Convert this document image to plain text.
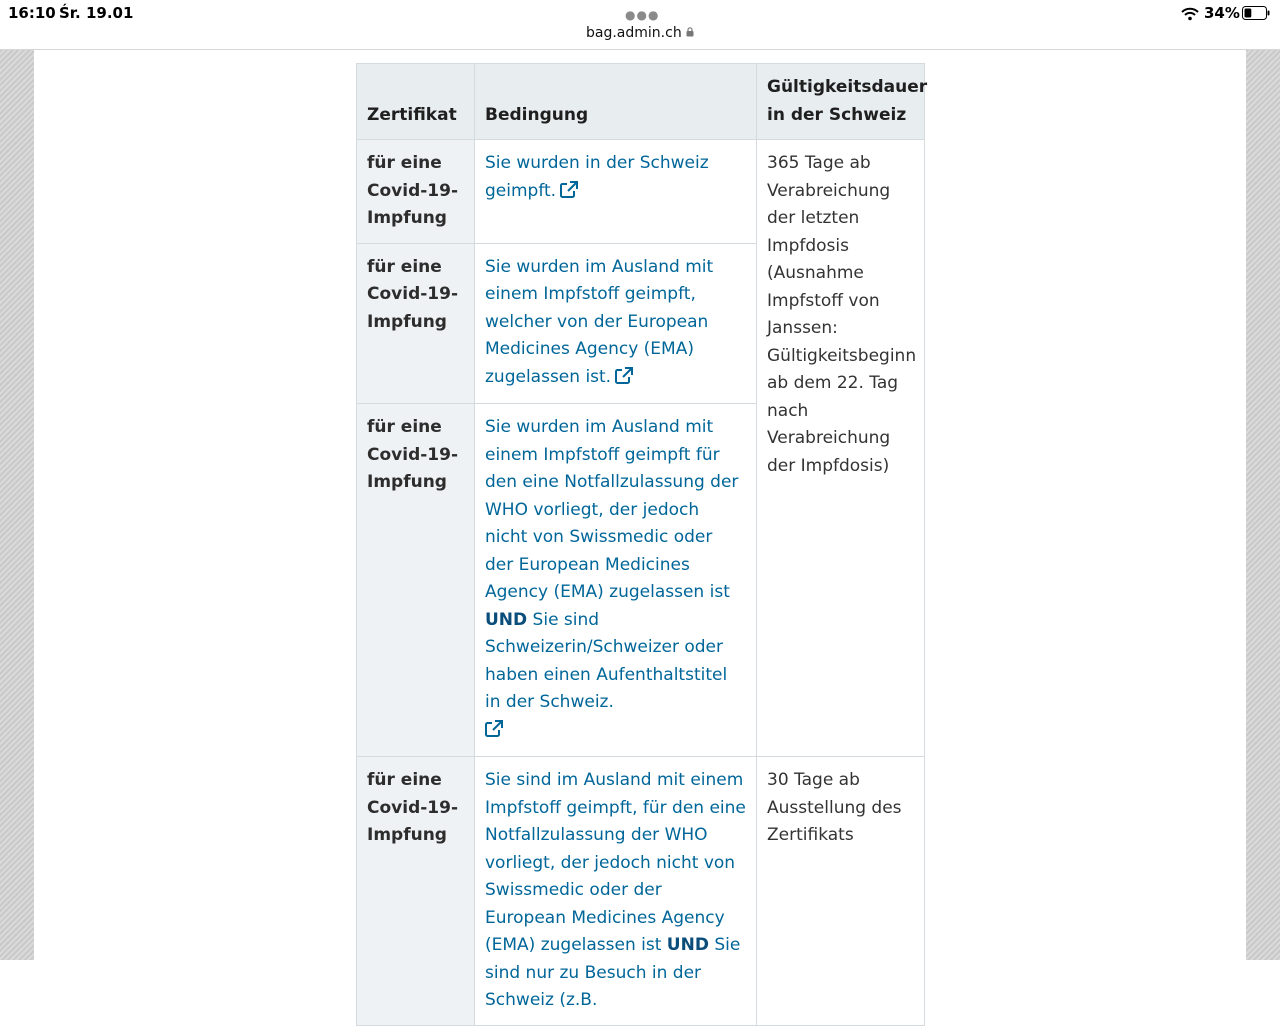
16:10 Śr. 19.01	●●●
bag.admin.ch
34%
Zertifikat	Bedingung	Gültigkeitsdauer in der Schweiz
für eine Covid-19-Impfung	Sie wurden in der Schweiz geimpft.	365 Tage ab Verabreichung der letzten Impfdosis (Ausnahme Impfstoff von Janssen: Gültigkeitsbeginn ab dem 22. Tag nach Verabreichung der Impfdosis)
für eine Covid-19-Impfung	Sie wurden im Ausland mit einem Impfstoff geimpft, welcher von der European Medicines Agency (EMA) zugelassen ist.	
für eine Covid-19-Impfung	Sie wurden im Ausland mit einem Impfstoff geimpft für den eine Notfallzulassung der WHO vorliegt, der jedoch nicht von Swissmedic oder der European Medicines Agency (EMA) zugelassen ist UND Sie sind Schweizerin/Schweizer oder haben einen Aufenthaltstitel in der Schweiz.	

für eine Covid-19-Impfung	Sie sind im Ausland mit einem Impfstoff geimpft, für den eine Notfallzulassung der WHO vorliegt, der jedoch nicht von Swissmedic oder der European Medicines Agency (EMA) zugelassen ist UND Sie sind nur zu Besuch in der Schweiz (z.B.	30 Tage ab Ausstellung des Zertifikats
